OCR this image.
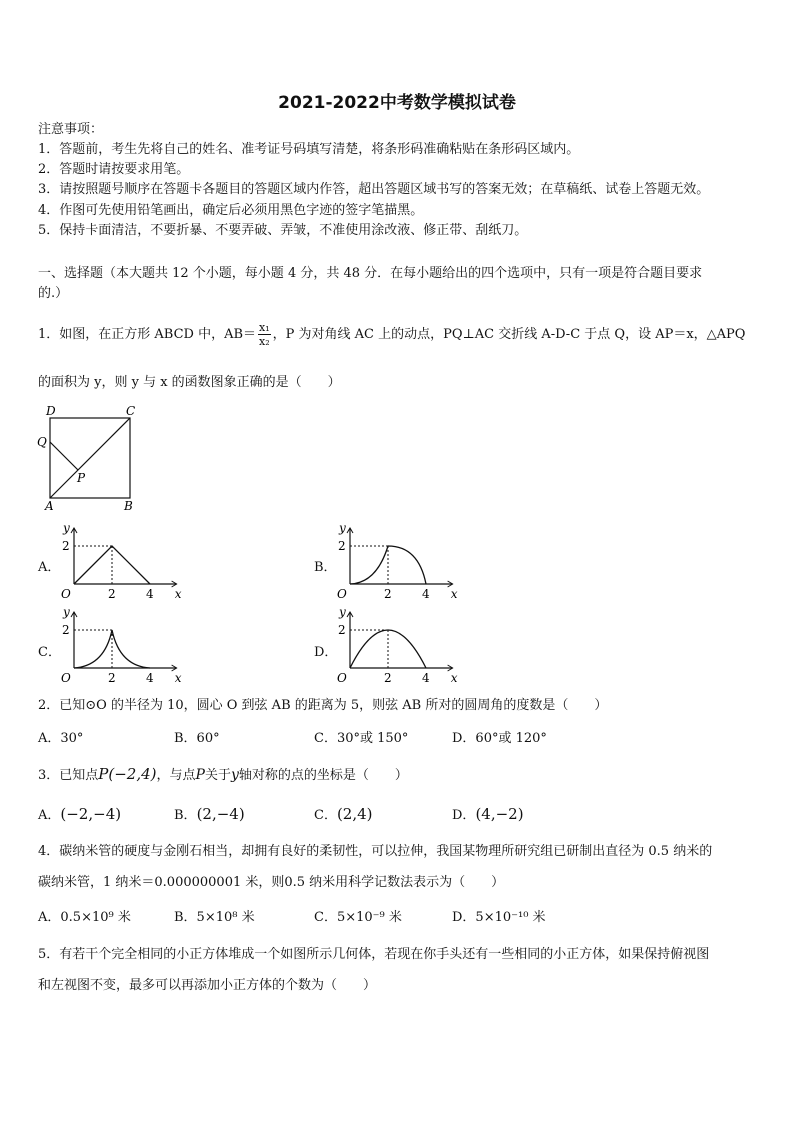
2021-2022中考数学模拟试卷
注意事项：
1．答题前，考生先将自己的姓名、准考证号码填写清楚，将条形码准确粘贴在条形码区域内。
2．答题时请按要求用笔。
3．请按照题号顺序在答题卡各题目的答题区域内作答，超出答题区域书写的答案无效；在草稿纸、试卷上答题无效。
4．作图可先使用铅笔画出，确定后必须用黑色字迹的签字笔描黑。
5．保持卡面清洁，不要折暴、不要弄破、弄皱，不准使用涂改液、修正带、刮纸刀。
一、选择题（本大题共 12 个小题，每小题 4 分，共 48 分．在每小题给出的四个选项中，只有一项是符合题目要求
的.）
1．如图，在正方形 ABCD 中，$AB= \frac{\text{x₁}}{\text{x₂}}$ ，P 为对角线 AC 上的动点，PQ⊥AC 交折线 A-D-C 于点 Q，设 AP＝x，△APQ
的面积为 y，则 y 与 x 的函数图象正确的是（　　）
D	C
Q
P
A	B
A．	B．
C．	D．
y
x
O	2	4
2
y
x
O	2	4
2
y
x
O	2	4
2
y
x
O	2	4
2
2．已知⊙O 的半径为 10，圆心 O 到弦 AB 的距离为 5，则弦 AB 所对的圆周角的度数是（　　）
A．30°	B．60°	C．30°或 150°	D．60°或 120°
3．已知点P(−2,4)，与点P关于y轴对称的点的坐标是（　　）
A．(−2,−4)	B．(2,−4)	C．(2,4)	D．(4,−2)
4．碳纳米管的硬度与金刚石相当，却拥有良好的柔韧性，可以拉伸，我国某物理所研究组已研制出直径为 0.5 纳米的
碳纳米管，1 纳米＝0.000000001 米，则0.5 纳米用科学记数法表示为（　　）
A．0.5×10⁹ 米	B．5×10⁸ 米	C．5×10⁻⁹ 米	D．5×10⁻¹⁰ 米
5．有若干个完全相同的小正方体堆成一个如图所示几何体，若现在你手头还有一些相同的小正方体，如果保持俯视图
和左视图不变，最多可以再添加小正方体的个数为（　　）
